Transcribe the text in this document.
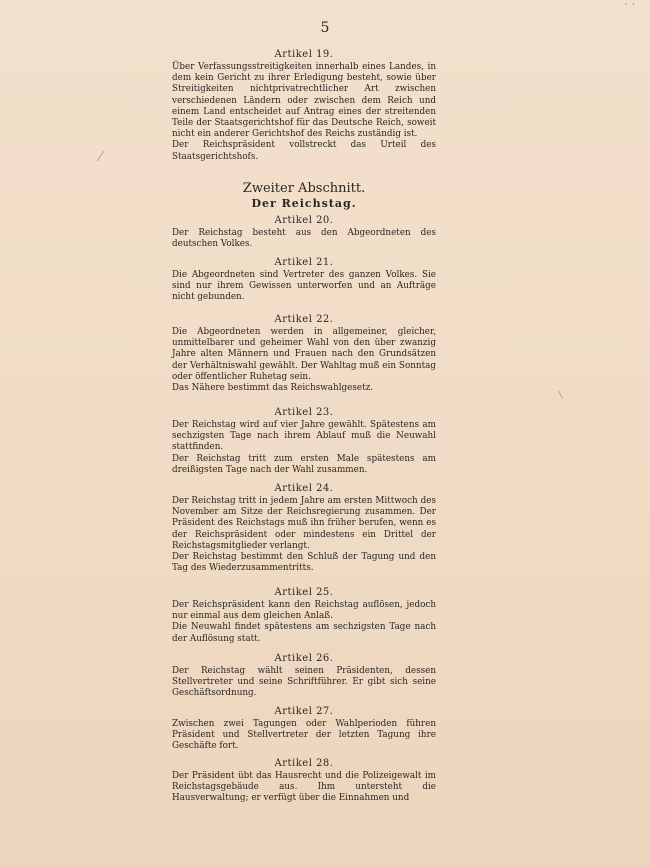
· ·
5
Artikel 19.
Über Verfassungsstreitigkeiten innerhalb eines Landes, in dem kein Gericht zu ihrer Erledigung besteht, sowie über Streitigkeiten nichtprivatrechtlicher Art zwischen verschiedenen Ländern oder zwischen dem Reich und einem Land entscheidet auf Antrag eines der streitenden Teile der Staatsgerichtshof für das Deutsche Reich, soweit nicht ein anderer Gerichtshof des Reichs zuständig ist.
Der Reichspräsident vollstreckt das Urteil des Staatsgerichtshofs.
Zweiter Abschnitt.
Der Reichstag.
Artikel 20.
Der Reichstag besteht aus den Abgeordneten des deutschen Volkes.
Artikel 21.
Die Abgeordneten sind Vertreter des ganzen Volkes. Sie sind nur ihrem Gewissen unterworfen und an Aufträge nicht gebunden.
Artikel 22.
Die Abgeordneten werden in allgemeiner, gleicher, unmittelbarer und geheimer Wahl von den über zwanzig Jahre alten Männern und Frauen nach den Grundsätzen der Verhältniswahl gewählt. Der Wahltag muß ein Sonntag oder öffentlicher Ruhetag sein.
Das Nähere bestimmt das Reichswahlgesetz.
Artikel 23.
Der Reichstag wird auf vier Jahre gewählt. Spätestens am sechzigsten Tage nach ihrem Ablauf muß die Neuwahl stattfinden.
Der Reichstag tritt zum ersten Male spätestens am dreißigsten Tage nach der Wahl zusammen.
Artikel 24.
Der Reichstag tritt in jedem Jahre am ersten Mittwoch des November am Sitze der Reichsregierung zusammen. Der Präsident des Reichstags muß ihn früher berufen, wenn es der Reichspräsident oder mindestens ein Drittel der Reichstagsmitglieder verlangt.
Der Reichstag bestimmt den Schluß der Tagung und den Tag des Wiederzusammentritts.
Artikel 25.
Der Reichspräsident kann den Reichstag auflösen, jedoch nur einmal aus dem gleichen Anlaß.
Die Neuwahl findet spätestens am sechzigsten Tage nach der Auflösung statt.
Artikel 26.
Der Reichstag wählt seinen Präsidenten, dessen Stellvertreter und seine Schriftführer. Er gibt sich seine Geschäftsordnung.
Artikel 27.
Zwischen zwei Tagungen oder Wahlperioden führen Präsident und Stellvertreter der letzten Tagung ihre Geschäfte fort.
Artikel 28.
Der Präsident übt das Hausrecht und die Polizeigewalt im Reichstagsgebäude aus. Ihm untersteht die Hausverwaltung; er verfügt über die Einnahmen und
